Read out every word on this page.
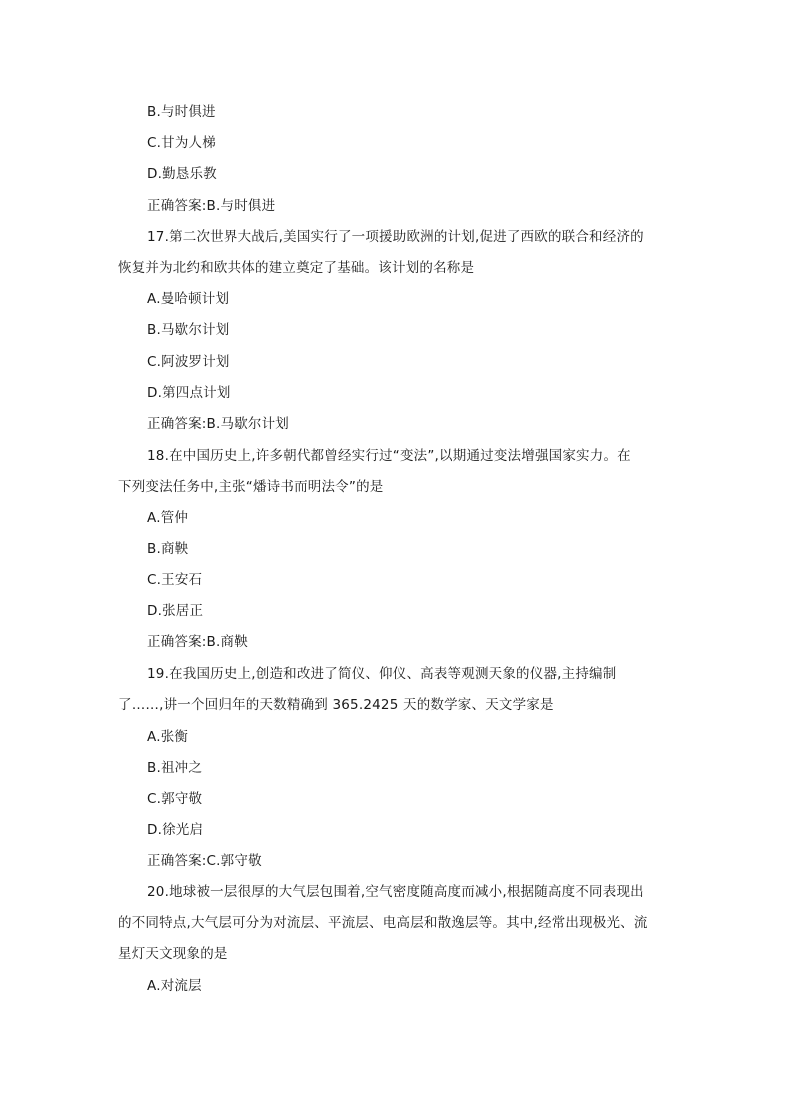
B.与时俱进
C.甘为人梯
D.勤恳乐教
正确答案:B.与时俱进
17.第二次世界大战后,美国实行了一项援助欧洲的计划,促进了西欧的联合和经济的
恢复并为北约和欧共体的建立奠定了基础。该计划的名称是
A.曼哈顿计划
B.马歇尔计划
C.阿波罗计划
D.第四点计划
正确答案:B.马歇尔计划
18.在中国历史上,许多朝代都曾经实行过“变法”,以期通过变法增强国家实力。在
下列变法任务中,主张“燔诗书而明法令”的是
A.管仲
B.商鞅
C.王安石
D.张居正
正确答案:B.商鞅
19.在我国历史上,创造和改进了简仪、仰仪、高表等观测天象的仪器,主持编制
了……,讲一个回归年的天数精确到 365.2425 天的数学家、天文学家是
A.张衡
B.祖冲之
C.郭守敬
D.徐光启
正确答案:C.郭守敬
20.地球被一层很厚的大气层包围着,空气密度随高度而减小,根据随高度不同表现出
的不同特点,大气层可分为对流层、平流层、电高层和散逸层等。其中,经常出现极光、流
星灯天文现象的是
A.对流层
